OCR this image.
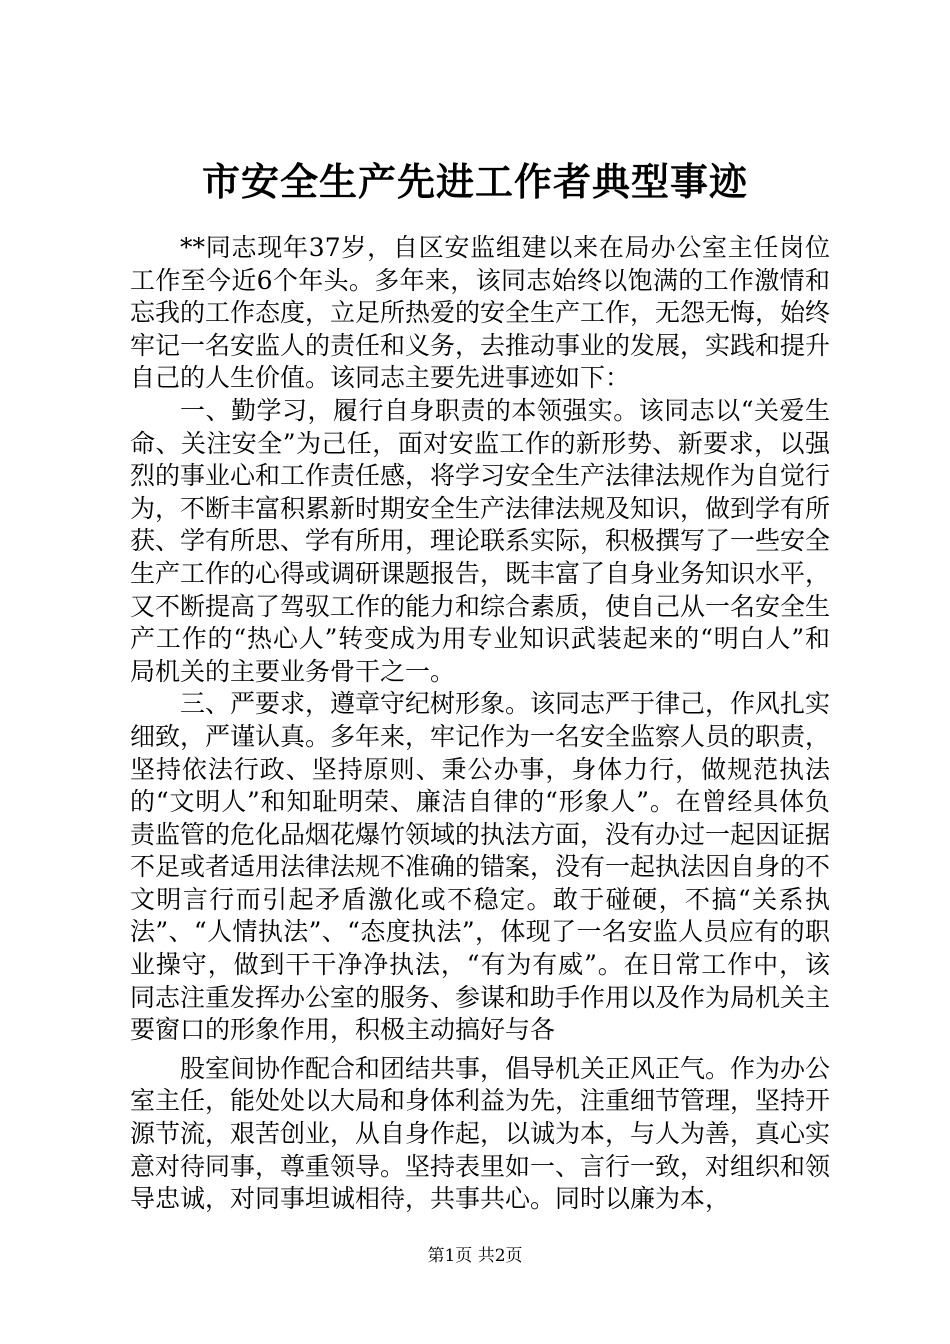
市安全生产先进工作者典型事迹

**同志现年37岁，自区安监组建以来在局办公室主任岗位工作至今近6个年头。多年来，该同志始终以饱满的工作激情和忘我的工作态度，立足所热爱的安全生产工作，无怨无悔，始终牢记一名安监人的责任和义务，去推动事业的发展，实践和提升自己的人生价值。该同志主要先进事迹如下：

一、勤学习，履行自身职责的本领强实。该同志以“关爱生命、关注安全”为己任，面对安监工作的新形势、新要求，以强烈的事业心和工作责任感，将学习安全生产法律法规作为自觉行为，不断丰富积累新时期安全生产法律法规及知识，做到学有所获、学有所思、学有所用，理论联系实际，积极撰写了一些安全生产工作的心得或调研课题报告，既丰富了自身业务知识水平，又不断提高了驾驭工作的能力和综合素质，使自己从一名安全生产工作的“热心人”转变成为用专业知识武装起来的“明白人”和局机关的主要业务骨干之一。

三、严要求，遵章守纪树形象。该同志严于律己，作风扎实细致，严谨认真。多年来，牢记作为一名安全监察人员的职责，坚持依法行政、坚持原则、秉公办事，身体力行，做规范执法的“文明人”和知耻明荣、廉洁自律的“形象人”。在曾经具体负责监管的危化品烟花爆竹领域的执法方面，没有办过一起因证据不足或者适用法律法规不准确的错案，没有一起执法因自身的不文明言行而引起矛盾激化或不稳定。敢于碰硬，不搞“关系执法”、“人情执法”、“态度执法”，体现了一名安监人员应有的职业操守，做到干干净净执法，“有为有威”。在日常工作中，该同志注重发挥办公室的服务、参谋和助手作用以及作为局机关主要窗口的形象作用，积极主动搞好与各

股室间协作配合和团结共事，倡导机关正风正气。作为办公室主任，能处处以大局和身体利益为先，注重细节管理，坚持开源节流，艰苦创业，从自身作起，以诚为本，与人为善，真心实意对待同事，尊重领导。坚持表里如一、言行一致，对组织和领导忠诚，对同事坦诚相待，共事共心。同时以廉为本，

第1页 共2页
